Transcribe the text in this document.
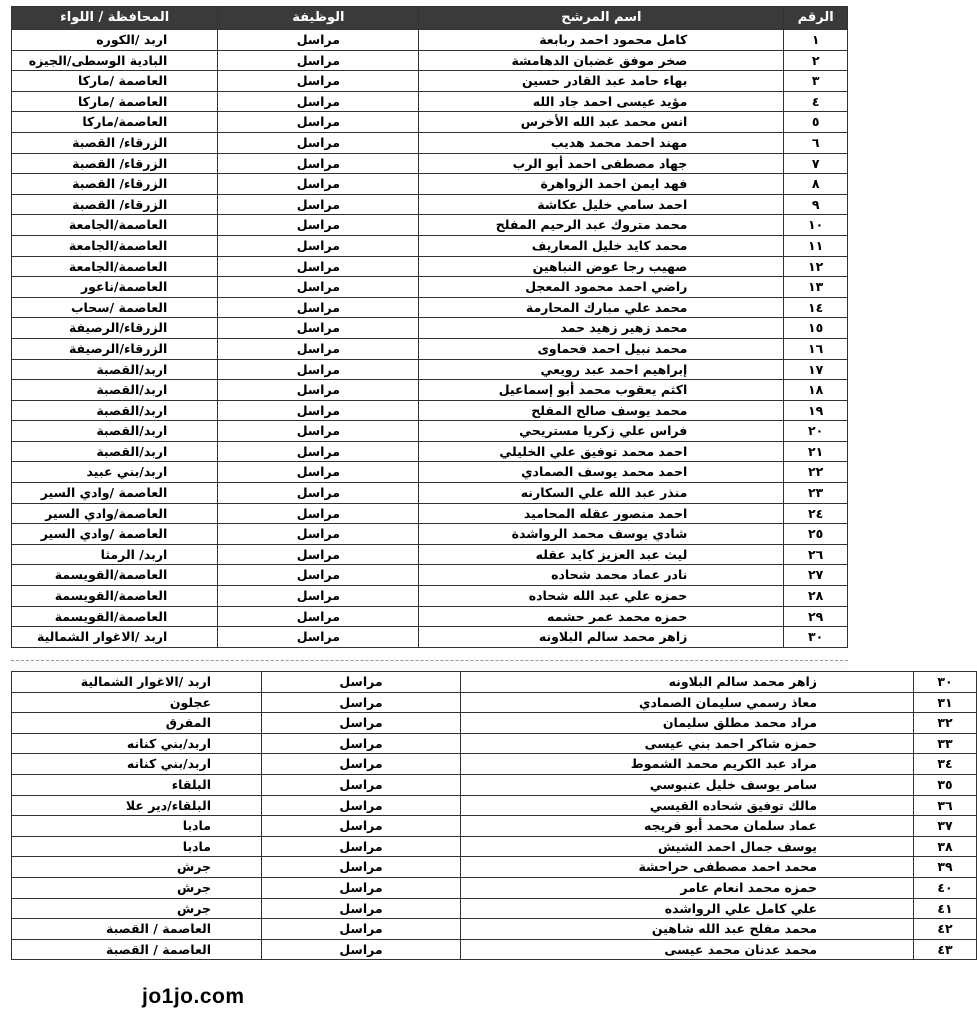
الرقم	اسم المرشح	الوظيفة	المحافظة / اللواء
١	كامل محمود احمد ربابعة	مراسل	اربد /الكوره
٢	صخر موفق غضبان الدهامشة	مراسل	البادية الوسطى/الجيزه
٣	بهاء حامد عبد القادر حسين	مراسل	العاصمة /ماركا
٤	مؤيد عيسى احمد جاد الله	مراسل	العاصمة /ماركا
٥	انس محمد عبد الله الأخرس	مراسل	العاصمة/ماركا
٦	مهند احمد محمد هديب	مراسل	الزرقاء/ القصبة
٧	جهاد مصطفى احمد أبو الرب	مراسل	الزرقاء/ القصبة
٨	فهد ايمن احمد الزواهرة	مراسل	الزرقاء/ القصبة
٩	احمد سامي خليل عكاشة	مراسل	الزرقاء/ القصبة
١٠	محمد متروك عبد الرحيم المفلح	مراسل	العاصمة/الجامعة
١١	محمد كايد خليل المعاريف	مراسل	العاصمة/الجامعة
١٢	صهيب رجا عوض النباهين	مراسل	العاصمة/الجامعة
١٣	راضي احمد محمود المعجل	مراسل	العاصمة/ناعور
١٤	محمد علي مبارك المحارمة	مراسل	العاصمة /سحاب
١٥	محمد زهير زهيد حمد	مراسل	الزرقاء/الرصيفة
١٦	محمد نبيل احمد فحماوى	مراسل	الزرقاء/الرصيفة
١٧	إبراهيم احمد عبد رويعي	مراسل	اربد/القصبة
١٨	اكثم يعقوب محمد أبو إسماعيل	مراسل	اربد/القصبة
١٩	محمد يوسف صالح المفلح	مراسل	اربد/القصبة
٢٠	فراس علي زكريا مستريحي	مراسل	اربد/القصبة
٢١	احمد محمد توفيق علي الخليلي	مراسل	اربد/القصبة
٢٢	احمد محمد يوسف الصمادي	مراسل	اربد/بني عبيد
٢٣	منذر عبد الله علي السكارنه	مراسل	العاصمة /وادي السير
٢٤	احمد منصور عقله المحاميد	مراسل	العاصمة/وادي السير
٢٥	شادي يوسف محمد الرواشدة	مراسل	العاصمة /وادي السير
٢٦	ليث عبد العزيز كايد عقله	مراسل	اربد/ الرمثا
٢٧	نادر عماد محمد شحاده	مراسل	العاصمة/القويسمة
٢٨	حمزه علي عبد الله شحاده	مراسل	العاصمة/القويسمة
٢٩	حمزه محمد عمر حشمه	مراسل	العاصمة/القويسمة
٣٠	زاهر محمد سالم البلاونه	مراسل	اربد /الاغوار الشمالية
٣٠	زاهر محمد سالم البلاونه	مراسل	اربد /الاغوار الشمالية
٣١	معاذ رسمي سليمان الصمادي	مراسل	عجلون
٣٢	مراد محمد مطلق سليمان	مراسل	المفرق
٣٣	حمزه شاكر احمد بني عيسى	مراسل	اربد/بني كنانه
٣٤	مراد عبد الكريم محمد الشموط	مراسل	اربد/بني كنانه
٣٥	سامر يوسف خليل عنبوسي	مراسل	البلقاء
٣٦	مالك توفيق شحاده القيسي	مراسل	البلقاء/دير علا
٣٧	عماد سلمان محمد أبو فريجه	مراسل	مادبا
٣٨	يوسف جمال احمد الشيش	مراسل	مادبا
٣٩	محمد احمد مصطفى حراحشة	مراسل	جرش
٤٠	حمزه محمد انعام عامر	مراسل	جرش
٤١	علي كامل علي الرواشده	مراسل	جرش
٤٢	محمد مفلح عبد الله شاهين	مراسل	العاصمة / القصبة
٤٣	محمد عدنان محمد عيسى	مراسل	العاصمة / القصبة
jo1jo.com
